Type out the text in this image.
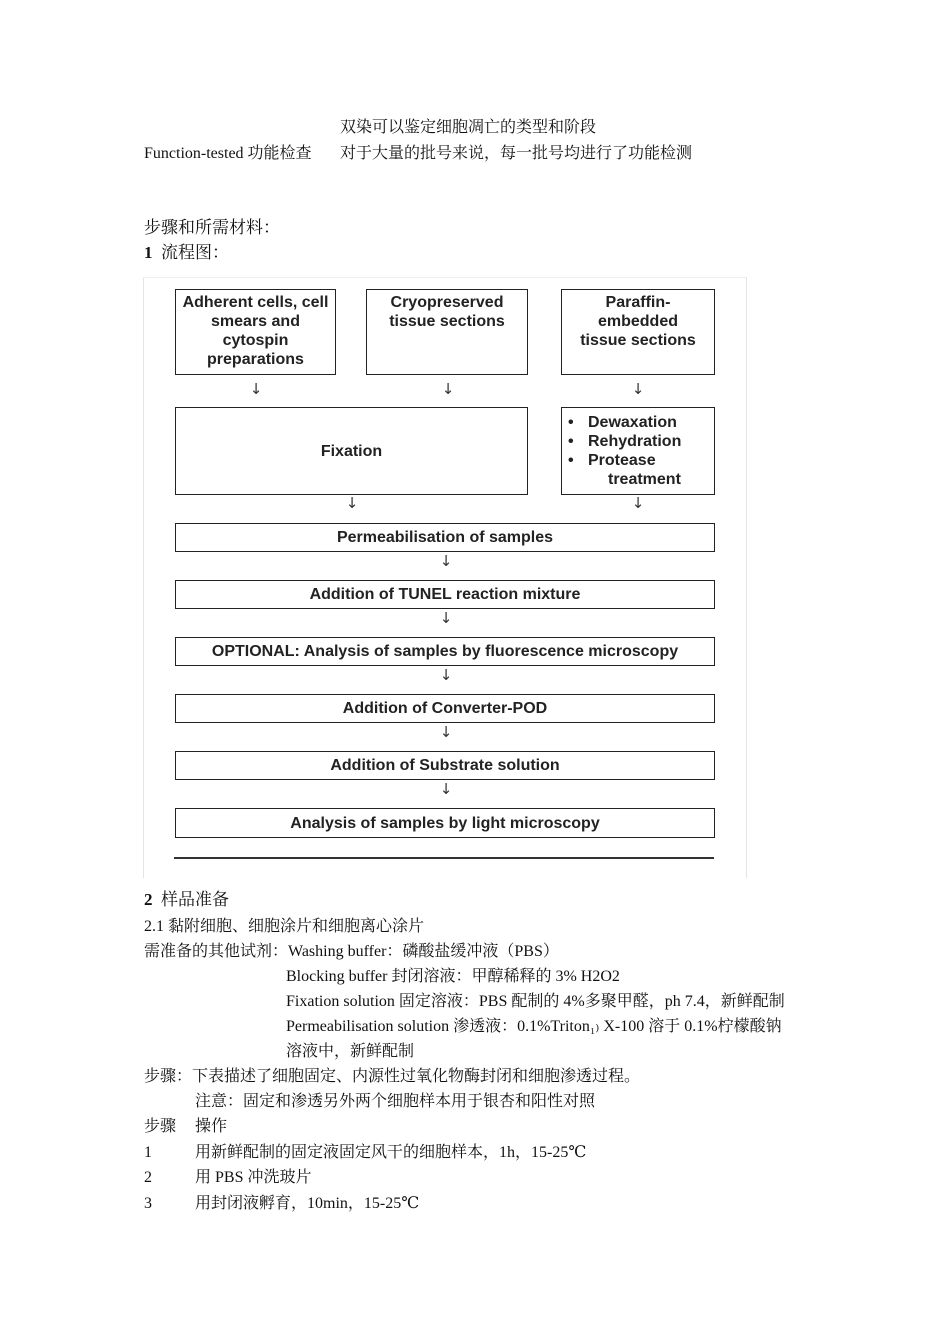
双染可以鉴定细胞凋亡的类型和阶段
Function-tested 功能检查 对于大量的批号来说，每一批号均进行了功能检测
步骤和所需材料：
1 流程图：
Adherent cells, cell smears and cytospin preparations
Cryopreserved tissue sections
Paraffin-embedded tissue sections
↓	↓	↓
Fixation
• Dewaxation
• Rehydration
• Protease
treatment
↓	↓
Permeabilisation of samples
↓
Addition of TUNEL reaction mixture
↓
OPTIONAL: Analysis of samples by fluorescence microscopy
↓
Addition of Converter-POD
↓
Addition of Substrate solution
↓
Analysis of samples by light microscopy
2 样品准备
2.1 黏附细胞、细胞涂片和细胞离心涂片
需准备的其他试剂：Washing buffer：磷酸盐缓冲液（PBS）
Blocking buffer 封闭溶液：甲醇稀释的 3% H2O2
Fixation solution 固定溶液：PBS 配制的 4%多聚甲醛，ph 7.4，新鲜配制
Permeabilisation solution 渗透液：0.1%Triton₁₎ X-100 溶于 0.1%柠檬酸钠
溶液中，新鲜配制
步骤：下表描述了细胞固定、内源性过氧化物酶封闭和细胞渗透过程。
注意：固定和渗透另外两个细胞样本用于银杏和阳性对照
步骤 操作
1	用新鲜配制的固定液固定风干的细胞样本，1h，15-25℃
2	用 PBS 冲洗玻片
3	用封闭液孵育，10min，15-25℃
